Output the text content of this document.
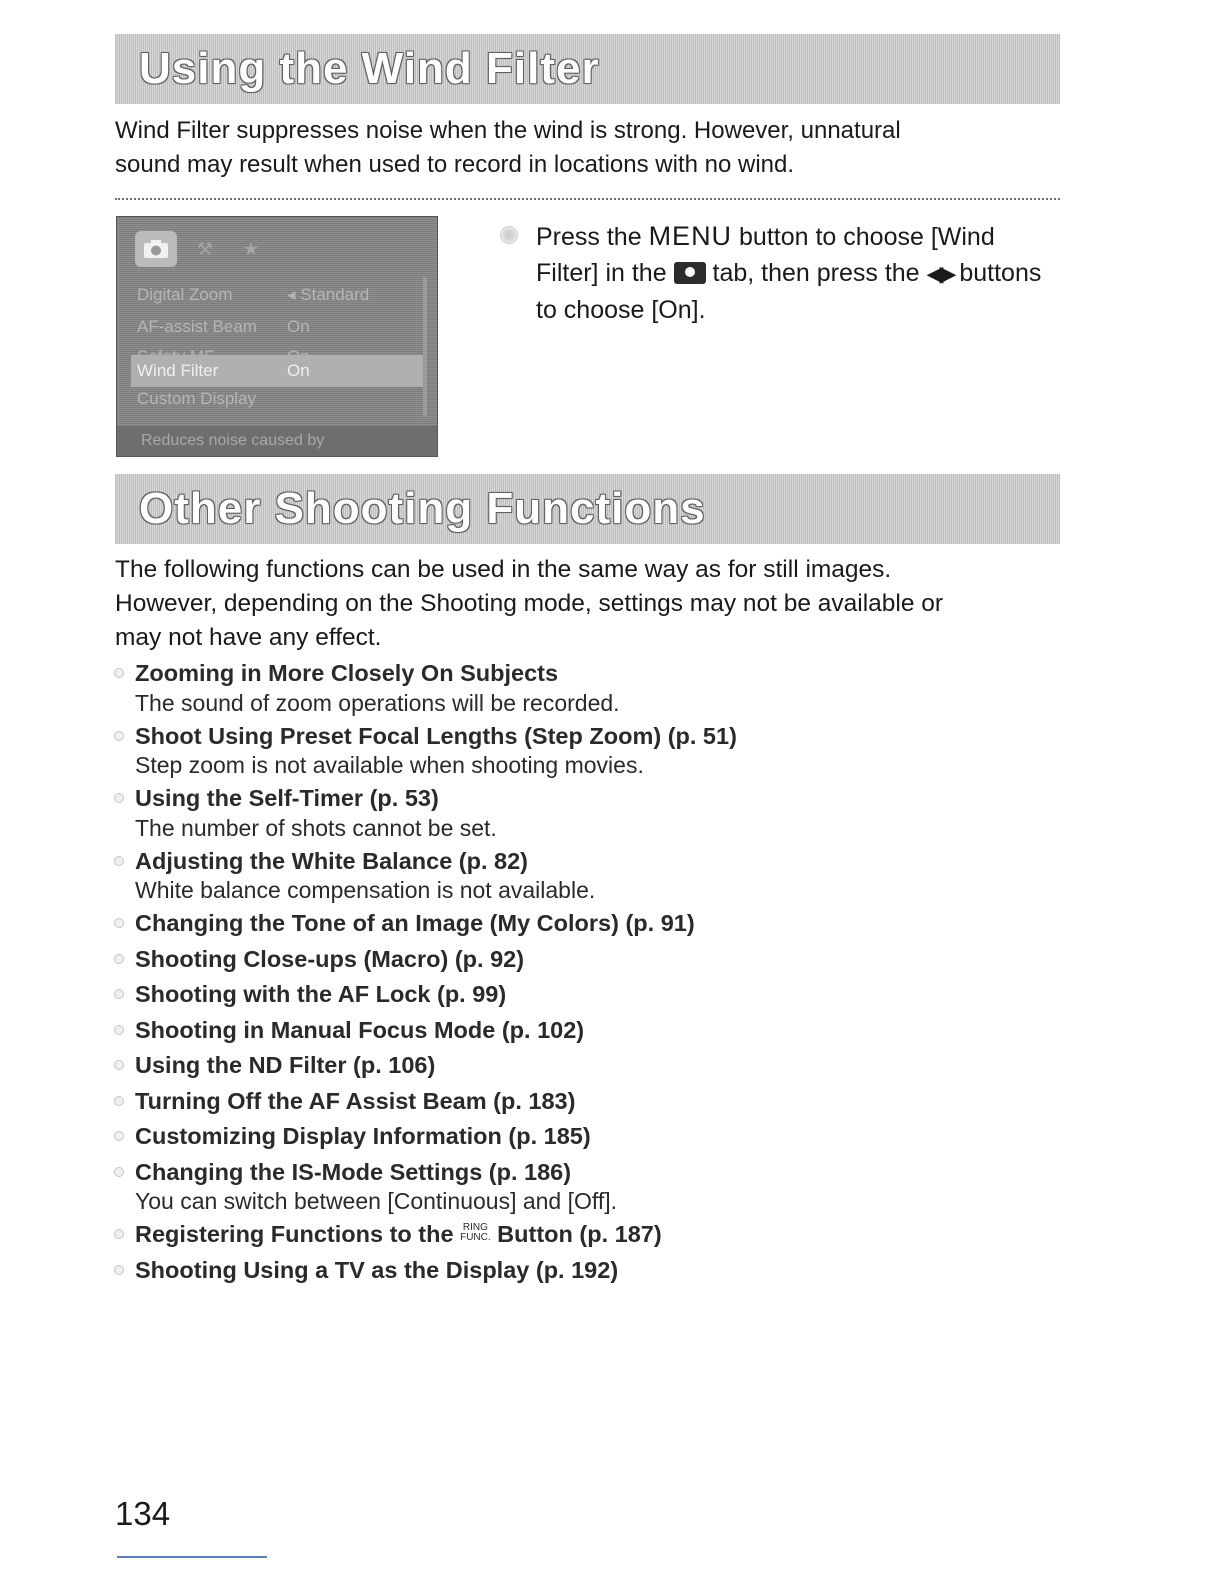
Using the Wind Filter
Wind Filter suppresses noise when the wind is strong. However, unnatural
sound may result when used to record in locations with no wind.
⚒	★
Digital Zoom	◂ Standard
AF-assist Beam	On
Wind Filter	On
Custom Display
Reduces noise caused by
Press the MENU button to choose [Wind Filter] in the  tab, then press the ◀▶ buttons to choose [On].
Other Shooting Functions
The following functions can be used in the same way as for still images.
However, depending on the Shooting mode, settings may not be available or
may not have any effect.
Zooming in More Closely On Subjects
The sound of zoom operations will be recorded.
Shoot Using Preset Focal Lengths (Step Zoom) (p. 51)
Step zoom is not available when shooting movies.
Using the Self-Timer (p. 53)
The number of shots cannot be set.
Adjusting the White Balance (p. 82)
White balance compensation is not available.
Changing the Tone of an Image (My Colors) (p. 91)
Shooting Close-ups (Macro) (p. 92)
Shooting with the AF Lock (p. 99)
Shooting in Manual Focus Mode (p. 102)
Using the ND Filter (p. 106)
Turning Off the AF Assist Beam (p. 183)
Customizing Display Information (p. 185)
Changing the IS-Mode Settings (p. 186)
You can switch between [Continuous] and [Off].
Registering Functions to the RING
FUNC. Button (p. 187)
Shooting Using a TV as the Display (p. 192)
134
